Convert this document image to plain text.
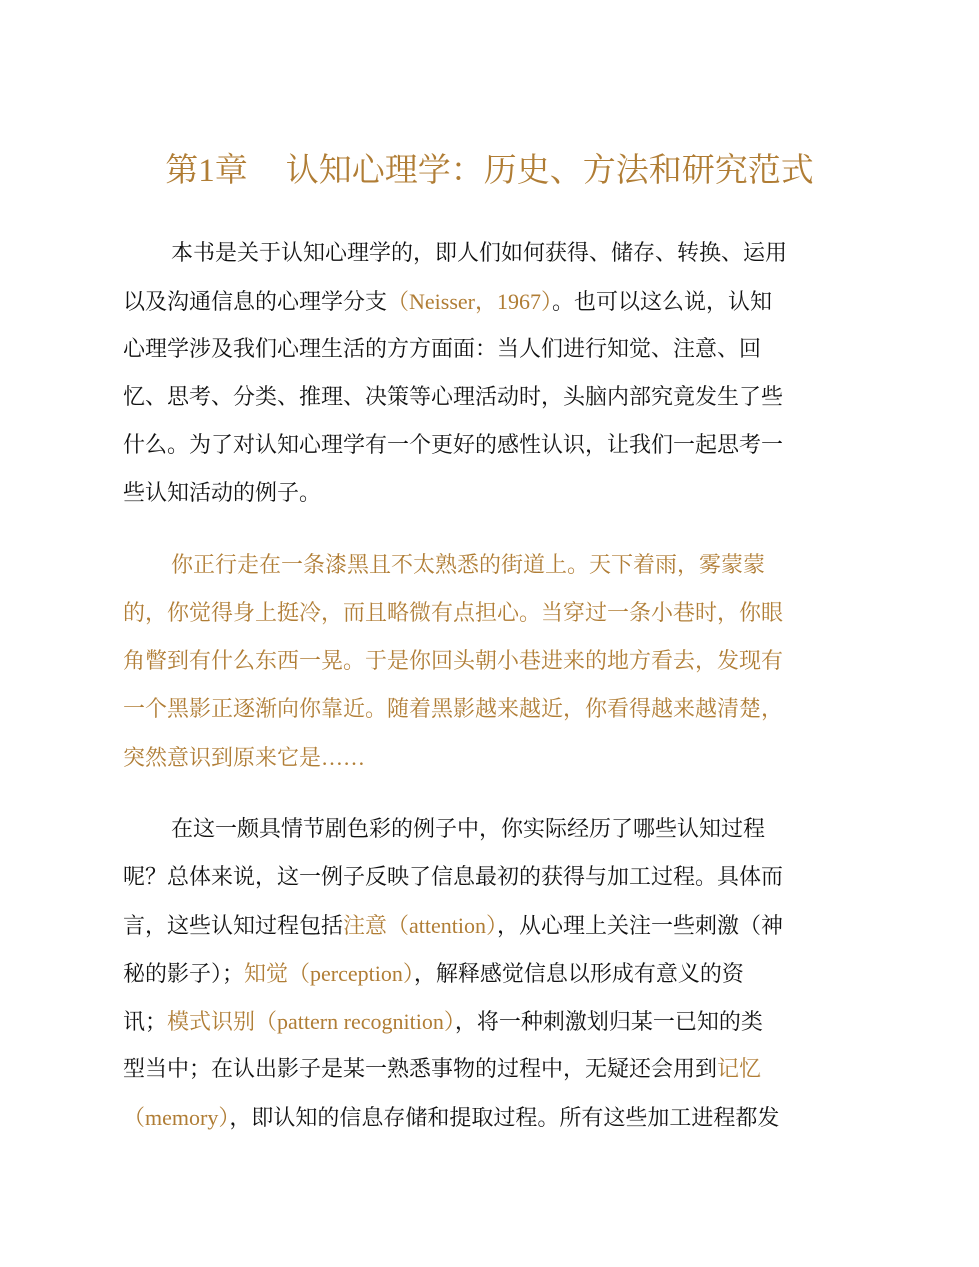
第1章 认知心理学：历史、方法和研究范式
本书是关于认知心理学的，即人们如何获得、储存、转换、运用
以及沟通信息的心理学分支（Neisser，1967）。也可以这么说，认知
心理学涉及我们心理生活的方方面面：当人们进行知觉、注意、回
忆、思考、分类、推理、决策等心理活动时，头脑内部究竟发生了些
什么。为了对认知心理学有一个更好的感性认识，让我们一起思考一
些认知活动的例子。
你正行走在一条漆黑且不太熟悉的街道上。天下着雨，雾蒙蒙
的，你觉得身上挺冷，而且略微有点担心。当穿过一条小巷时，你眼
角瞥到有什么东西一晃。于是你回头朝小巷进来的地方看去，发现有
一个黑影正逐渐向你靠近。随着黑影越来越近，你看得越来越清楚，
突然意识到原来它是……
在这一颇具情节剧色彩的例子中，你实际经历了哪些认知过程
呢？总体来说，这一例子反映了信息最初的获得与加工过程。具体而
言，这些认知过程包括注意（attention），从心理上关注一些刺激（神
秘的影子）；知觉（perception），解释感觉信息以形成有意义的资
讯；模式识别（pattern recognition），将一种刺激划归某一已知的类
型当中；在认出影子是某一熟悉事物的过程中，无疑还会用到记忆
（memory），即认知的信息存储和提取过程。所有这些加工进程都发
